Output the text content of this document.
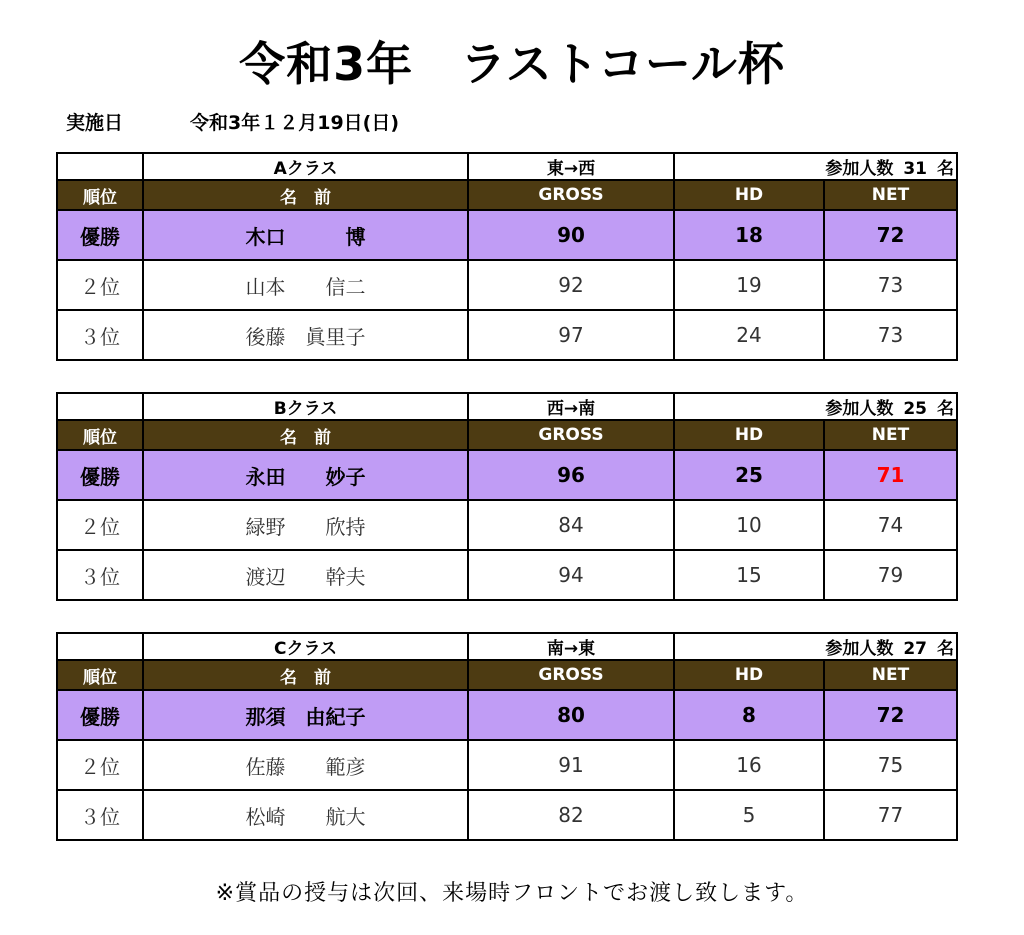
令和3年　ラストコール杯
実施日	令和3年１２月19日(日)
	Aクラス	東→西	参加人数 31 名	
順位	名　前	GROSS	HD	NET
優勝	木口　　　博	90	18	72
２位	山本　　信二	92	19	73
３位	後藤　眞里子	97	24	73
	Bクラス	西→南	参加人数 25 名	
順位	名　前	GROSS	HD	NET
優勝	永田　　妙子	96	25	71
２位	緑野　　欣持	84	10	74
３位	渡辺　　幹夫	94	15	79
	Cクラス	南→東	参加人数 27 名	
順位	名　前	GROSS	HD	NET
優勝	那須　由紀子	80	8	72
２位	佐藤　　範彦	91	16	75
３位	松崎　　航大	82	5	77
※賞品の授与は次回、来場時フロントでお渡し致します。
